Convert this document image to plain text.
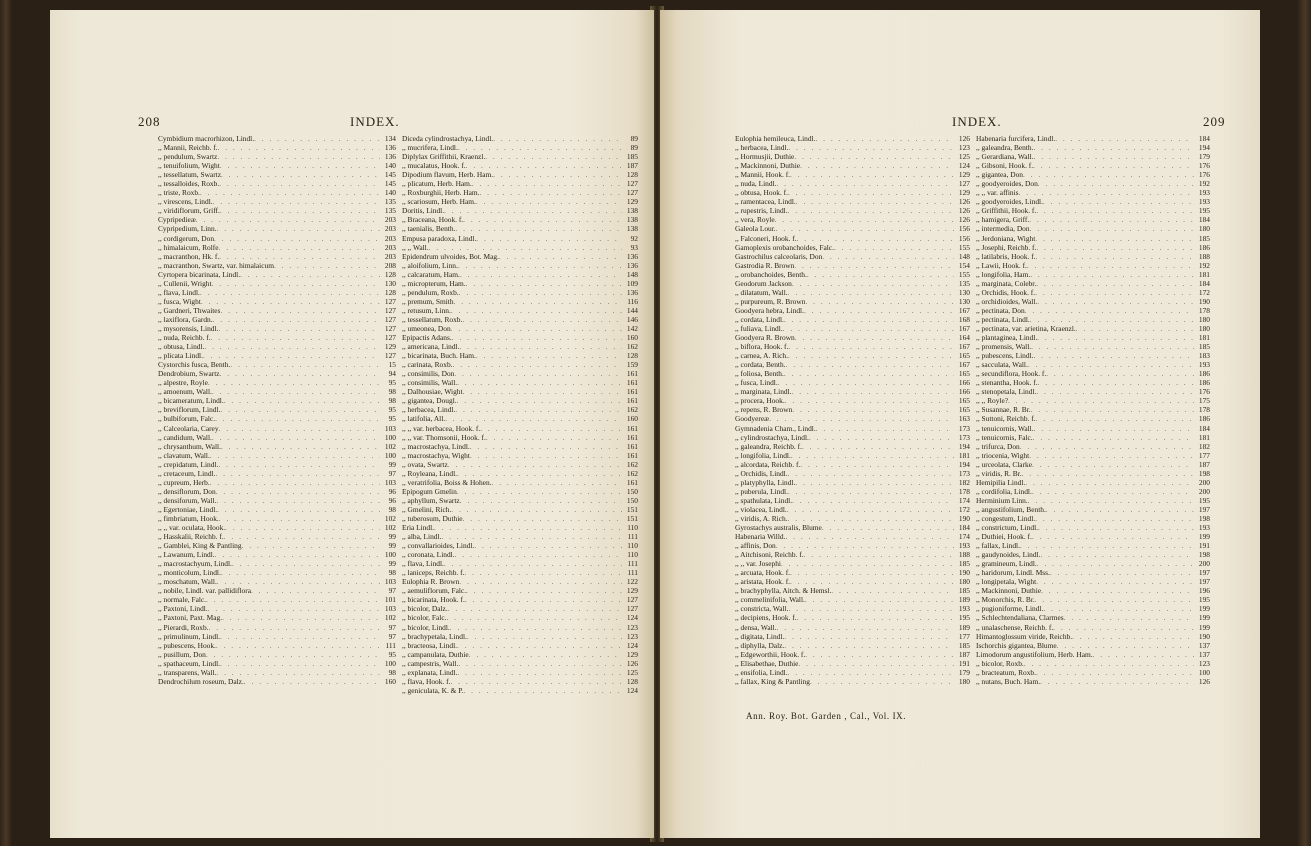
208	INDEX.
Cymbidium macrorhizon, Lindl. . . .	134
,, Mannii, Reichb. f. . . .	136
,, pendulum, Swartz . . .	136
,, tenuifolium, Wight . . .	140
,, tessellatum, Swartz . . .	145
,, tessalloides, Roxb. . . .	145
,, triste, Roxb. . . .	140
,, virescens, Lindl. . . .	135
,, viridiflorum, Griff. . . .	135
Cypripedieæ . . .	203
Cypripedium, Linn. . . .	203
,, cordigerum, Don . . .	203
,, himalaicum, Rolfe . . .	203
,, macranthon, Hk. f. . . .	203
,, macranthon, Swartz, var. himalaicum . . .	208
Cyrtopera bicarinata, Lindl. . . .	128
,, Cullenii, Wright . . .	130
,, flava, Lindl. . . .	128
,, fusca, Wight . . .	127
,, Gardneri, Thwaites . . .	127
,, laxiflora, Gardn. . . .	127
,, mysorensis, Lindl. . . .	127
,, nuda, Reichb. f. . . .	127
,, obtusa, Lindl. . . .	129
,, plicata Lindl. . . .	127
Cystorchis fusca, Benth. . . .	15
Dendrobium, Swartz . . .	94
,, alpestre, Royle . . .	95
,, amoenum, Wall. . . .	98
,, bicameratum, Lindl. . . .	98
,, breviflorum, Lindl. . . .	95
,, bulbiforum, Falc. . . .	95
,, Calceolaria, Carey . . .	103
,, candidum, Wall. . . .	100
,, chrysanthum, Wall. . . .	102
,, clavatum, Wall. . . .	100
,, crepidatum, Lindl. . . .	99
,, cretaceum, Lindl. . . .	97
,, cupreum, Herb. . . .	103
,, densiflorum, Don . . .	96
,, densiforum, Wall. . . .	96
,, Egertoniae, Lindl. . . .	98
,, fimbriatum, Hook. . . .	102
,, ,, var. oculata, Hook. . . .	102
,, Hasskalii, Reichb. f. . . .	99
,, Gamblei, King & Pantling . . .	99
,, Lawanum, Lindl. . . .	100
,, macrostachyum, Lindl. . . .	99
,, monticolum, Lindl. . . .	98
,, moschatum, Wall. . . .	103
,, nobile, Lindl. var. pallidiflora . . .	97
,, normale, Falc. . . .	101
,, Paxtoni, Lindl. . . .	103
,, Paxtoni, Paxt. Mag. . . .	102
,, Pierardi, Roxb. . . .	97
,, primulinum, Lindl. . . .	97
,, pubescens, Hook. . . .	111
,, pusillum, Don . . .	95
,, spathaceum, Lindl. . . .	100
,, transparens, Wall. . . .	98
Dendrochilum roseum, Dalz. . . .	160
Diceda cylindrostachya, Lindl. . . .	89
,, mucrifera, Lindl. . . .	89
Diplylax Griffithii, Kraenzl. . . .	185
,, mucalatus, Hook. f. . . .	187
Dipodium flavum, Herb. Ham. . . .	128
,, plicatum, Herb. Ham. . . .	127
,, Roxburghii, Herb. Ham. . . .	127
,, scariosum, Herb. Ham. . . .	129
Doritis, Lindl. . . .	138
,, Braceana, Hook. f. . . .	138
,, taenialis, Benth. . . .	138
Empusa paradoxa, Lindl. . . .	92
,, ,, Wall. . . .	93
Epidendrum ulvoides, Bot. Mag. . . .	136
,, aloifolium, Linn. . . .	136
,, calcaratum, Ham. . . .	148
,, micropterum, Ham. . . .	109
,, pendulum, Roxb. . . .	136
,, premum, Smith . . .	116
,, retusum, Linn. . . .	144
,, tessellatum, Roxb. . . .	146
,, umeonea, Don . . .	142
Epipactis Adans. . . .	160
,, americana, Lindl. . . .	162
,, bicarinata, Buch. Ham. . . .	128
,, carinata, Roxb. . . .	159
,, consimilis, Don . . .	161
,, consimilis, Wall. . . .	161
,, Dalhousiae, Wight . . .	161
,, gigantea, Dougl. . . .	161
,, herbacea, Lindl. . . .	162
,, latifolia, All. . . .	160
,, ,, var. herbacea, Hook. f. . . .	161
,, ,, var. Thomsonii, Hook. f. . . .	161
,, macrostachya, Lindl. . . .	161
,, macrostachya, Wight . . .	161
,, ovata, Swartz . . .	162
,, Royleana, Lindl. . . .	162
,, veratrifolia, Boiss & Hohen. . . .	161
Epipogum Gmelin . . .	150
,, aphyllum, Swartz . . .	150
,, Gmelini, Rich. . . .	151
,, tuberosum, Duthie . . .	151
Eria Lindl. . . .	110
,, alba, Lindl. . . .	111
,, convallarioides, Lindl. . . .	110
,, coronata, Lindl. . . .	110
,, flava, Lindl. . . .	111
,, laniceps, Reichb. f. . . .	111
Eulophia R. Brown . . .	122
,, aemuliflorum, Falc. . . .	129
,, bicarinata, Hook. f. . . .	127
,, bicolor, Dalz. . . .	127
,, bicolor, Falc. . . .	124
,, bicolor, Lindl. . . .	123
,, brachypetala, Lindl. . . .	123
,, bracteosa, Lindl. . . .	124
,, campanulata, Duthie . . .	129
,, campestris, Wall. . . .	126
,, explanata, Lindl. . . .	125
,, flava, Hook. f. . . .	128
,, geniculata, K. & P. . . .	124
INDEX.	209
Eulophia hemileuca, Lindl. . . .	126
,, herbacea, Lindl. . . .	123
,, Hormusjii, Duthie . . .	125
,, Mackinnoni, Duthie . . .	124
,, Mannii, Hook. f. . . .	129
,, nuda, Lindl. . . .	127
,, obtusa, Hook. f. . . .	129
,, ramentacea, Lindl. . . .	126
,, rupestris, Lindl. . . .	126
,, vera, Royle . . .	126
Galeola Lour. . . .	156
,, Falconeri, Hook. f. . . .	156
Gamoplexis orobanchoides, Falc. . . .	155
Gastrochilus calceolaris, Don . . .	148
Gastrodia R. Brown . . .	154
,, orobanchoides, Benth. . . .	155
Geodorum Jackson . . .	135
,, dilatatum, Wall. . . .	130
,, purpureum, R. Brown . . .	130
Goodyera hebra, Lindl. . . .	167
,, cordata, Lindl. . . .	168
,, fuliava, Lindl. . . .	167
Goodyera R. Brown . . .	164
,, biflora, Hook. f. . . .	167
,, carnea, A. Rich. . . .	165
,, cordata, Benth. . . .	167
,, foliosa, Benth. . . .	165
,, fusca, Lindl. . . .	166
,, marginata, Lindl. . . .	166
,, procera, Hook. . . .	165
,, repens, R. Brown . . .	165
Goodyereæ . . .	163
Gymnadenia Cham., Lindl. . . .	173
,, cylindrostachya, Lindl. . . .	173
,, galeandra, Reichb. f. . . .	194
,, longifolia, Lindl. . . .	181
,, alcordata, Reichb. f. . . .	194
,, Orchidis, Lindl. . . .	173
,, platyphylla, Lindl. . . .	182
,, puberula, Lindl. . . .	178
,, spathulata, Lindl. . . .	174
,, violacea, Lindl. . . .	172
,, viridis, A. Rich. . . .	190
Gyrostachys australis, Blume . . .	184
Habenaria Willd. . . .	174
,, affinis, Don . . .	193
,, Aitchisoni, Reichb. f. . . .	188
,, ,, var. Josephi . . .	185
,, arcuata, Hook. f. . . .	190
,, aristata, Hook. f. . . .	180
,, brachyphylla, Aitch. & Hemsl. . . .	185
,, commelinifolia, Wall. . . .	189
,, constricta, Wall. . . .	193
,, decipiens, Hook. f. . . .	195
,, densa, Wall. . . .	189
,, digitata, Lindl. . . .	177
,, diphylla, Dalz. . . .	185
,, Edgeworthii, Hook. f. . . .	187
,, Elisabethae, Duthie . . .	191
,, ensifolia, Lindl. . . .	179
,, fallax, King & Pantling . . .	180
Habenaria furcifera, Lindl. . . .	184
,, galeandra, Benth. . . .	194
,, Gerardiana, Wall. . . .	179
,, Gibsoni, Hook. f. . . .	176
,, gigantea, Don . . .	176
,, goodyeroides, Don . . .	192
,, ,, var. affinis . . .	193
,, goodyeroides, Lindl. . . .	193
,, Griffithii, Hook. f. . . .	195
,, hamigera, Griff. . . .	184
,, intermedia, Don . . .	180
,, Jerdoniana, Wight . . .	185
,, Josephi, Reichb. f. . . .	186
,, latilabris, Hook. f. . . .	188
,, Lawii, Hook. f. . . .	192
,, longifolia, Ham. . . .	181
,, marginata, Colebr. . . .	184
,, Orchidis, Hook. f. . . .	172
,, orchidioides, Wall. . . .	190
,, pectinata, Don . . .	178
,, pectinata, Lindl. . . .	180
,, pectinata, var. arietina, Kraenzl. . . .	180
,, plantaginea, Lindl. . . .	181
,, promensis, Wall. . . .	185
,, pubescens, Lindl. . . .	183
,, sacculata, Wall. . . .	193
,, secundiflora, Hook. f. . . .	186
,, stenantha, Hook. f. . . .	186
,, stenopetala, Lindl. . . .	176
,, ,, Royle? . . .	175
,, Susannae, R. Br. . . .	178
,, Suttoni, Reichb. f. . . .	186
,, tenuicornis, Wall. . . .	184
,, tenuicornis, Falc. . . .	181
,, trifurca, Don . . .	182
,, triocenia, Wight . . .	177
,, urceolata, Clarke . . .	187
,, viridis, R. Br. . . .	198
Hemipilia Lindl. . . .	200
,, cordifolia, Lindl. . . .	200
Herminium Linn. . . .	195
,, angustifolium, Benth. . . .	197
,, congestum, Lindl. . . .	198
,, constrictum, Lindl. . . .	193
,, Duthiei, Hook. f. . . .	199
,, fallax, Lindl. . . .	191
,, gaudynoides, Lindl. . . .	198
,, gramineum, Lindl. . . .	200
,, haridorum, Lindl. Mss. . . .	197
,, longipetala, Wight . . .	197
,, Mackinnoni, Duthie . . .	196
,, Monorchis, R. Br. . . .	195
,, pugioniforme, Lindl. . . .	199
,, Schlechtendaliana, Clarmes . . .	199
,, unalaschense, Reichb. f. . . .	199
Himantoglossum viride, Reichb. . . .	190
Ischorchis gigantea, Blume . . .	137
Limodorum angustifolium, Herb. Ham. . . .	137
,, bicolor, Roxb. . . .	123
,, bracteatum, Roxb. . . .	100
,, nutans, Buch. Ham. . . .	126
Ann. Roy. Bot. Garden , Cal., Vol. IX.
